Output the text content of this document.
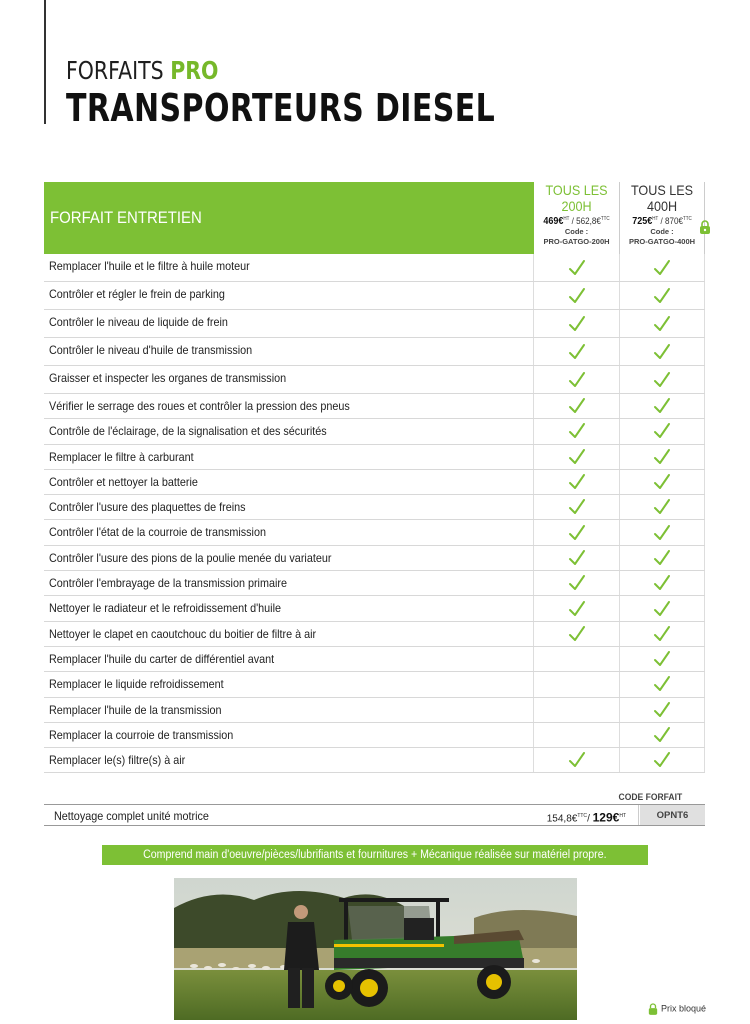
FORFAITS PRO
TRANSPORTEURS DIESEL
FORFAIT ENTRETIEN
TOUS LES
200H
469€$^{HT}$ / 562,8€$^{TTC}$
Code :
PRO-GATGO-200H
TOUS LES
400H
725€$^{HT}$ / 870€$^{TTC}$
Code :
PRO-GATGO-400H
Remplacer l'huile et le filtre à huile moteur
Contrôler et régler le frein de parking
Contrôler le niveau de liquide de frein
Contrôler le niveau d'huile de transmission
Graisser et inspecter les organes de transmission
Vérifier le serrage des roues et contrôler la pression des pneus
Contrôle de l'éclairage, de la signalisation et des sécurités
Remplacer le filtre à carburant
Contrôler et nettoyer la batterie
Contrôler l'usure des plaquettes de freins
Contrôler l'état de la courroie de transmission
Contrôler l'usure des pions de la poulie menée du variateur
Contrôler l'embrayage de la transmission primaire
Nettoyer le radiateur et le refroidissement d'huile
Nettoyer le clapet en caoutchouc du boitier de filtre à air
Remplacer l'huile du carter de différentiel avant
Remplacer le liquide refroidissement
Remplacer l'huile de la transmission
Remplacer la courroie de transmission
Remplacer le(s) filtre(s) à air
CODE FORFAIT
Nettoyage complet unité motrice	154,8€$^{TTC}$/ 129€$^{HT}$	OPNT6
Comprend main d'oeuvre/pièces/lubrifiants et fournitures + Mécanique réalisée sur matériel propre.
Prix bloqué
